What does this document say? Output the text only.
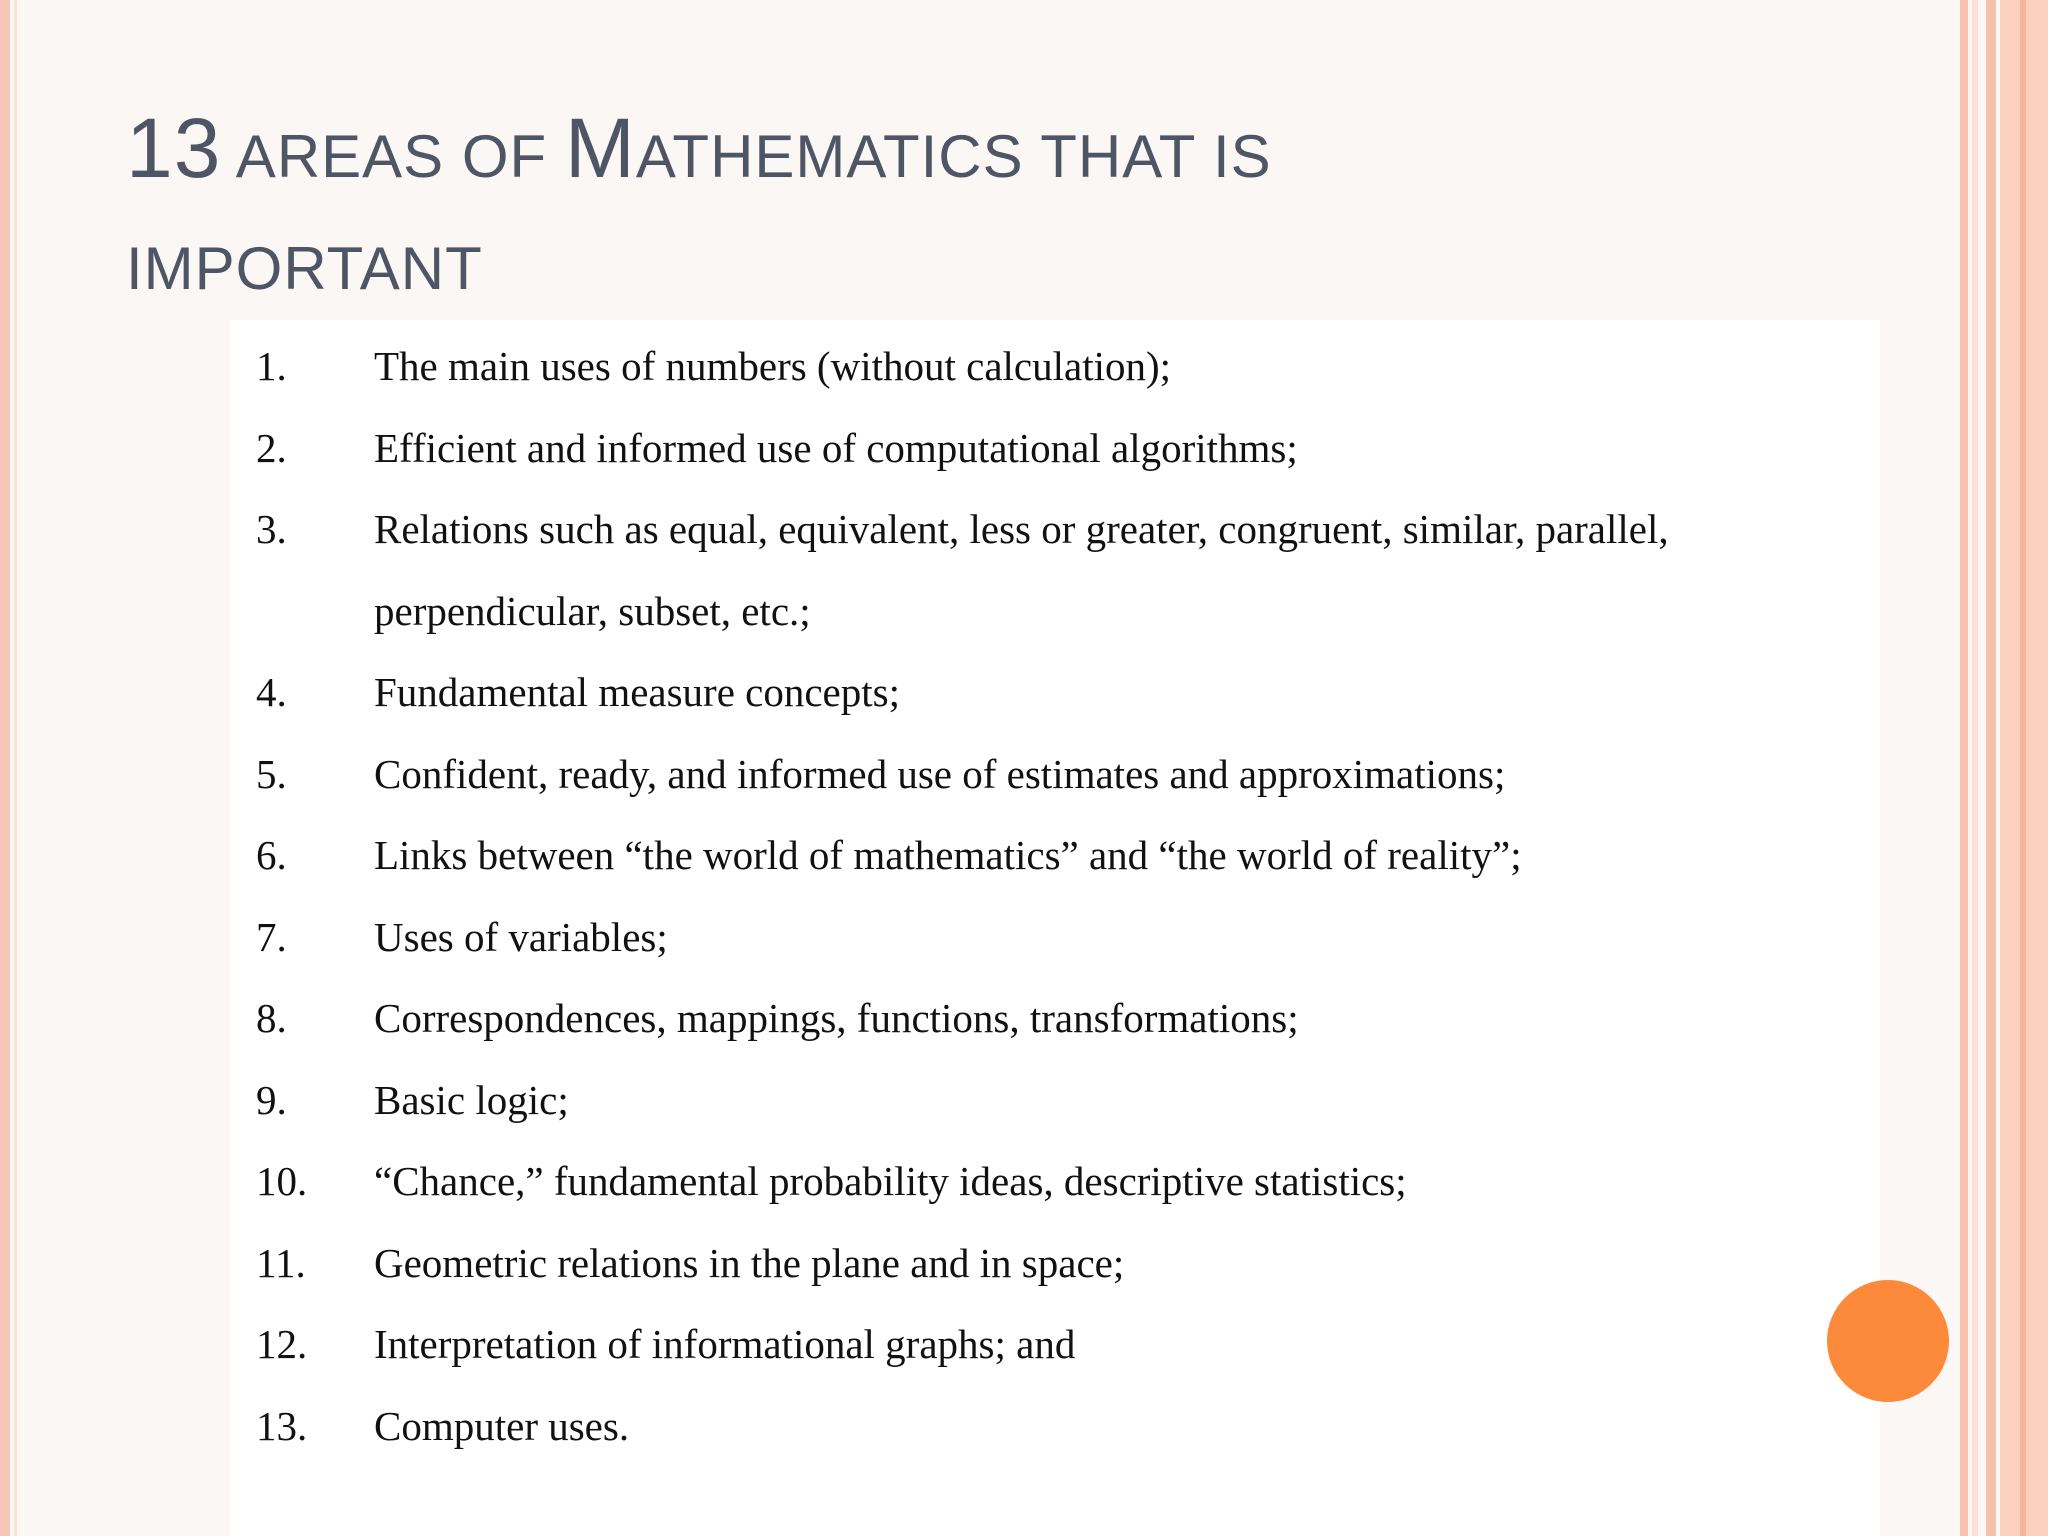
13 AREAS OF MATHEMATICS THAT IS
IMPORTANT
1.	The main uses of numbers (without calculation);
2.	Efficient and informed use of computational algorithms;
3.	Relations such as equal, equivalent, less or greater, congruent, similar, parallel, perpendicular, subset, etc.;
4.	Fundamental measure concepts;
5.	Confident, ready, and informed use of estimates and approximations;
6.	Links between “the world of mathematics” and “the world of reality”;
7.	Uses of variables;
8.	Correspondences, mappings, functions, transformations;
9.	Basic logic;
10.	“Chance,” fundamental probability ideas, descriptive statistics;
11.	Geometric relations in the plane and in space;
12.	Interpretation of informational graphs; and
13.	Computer uses.
